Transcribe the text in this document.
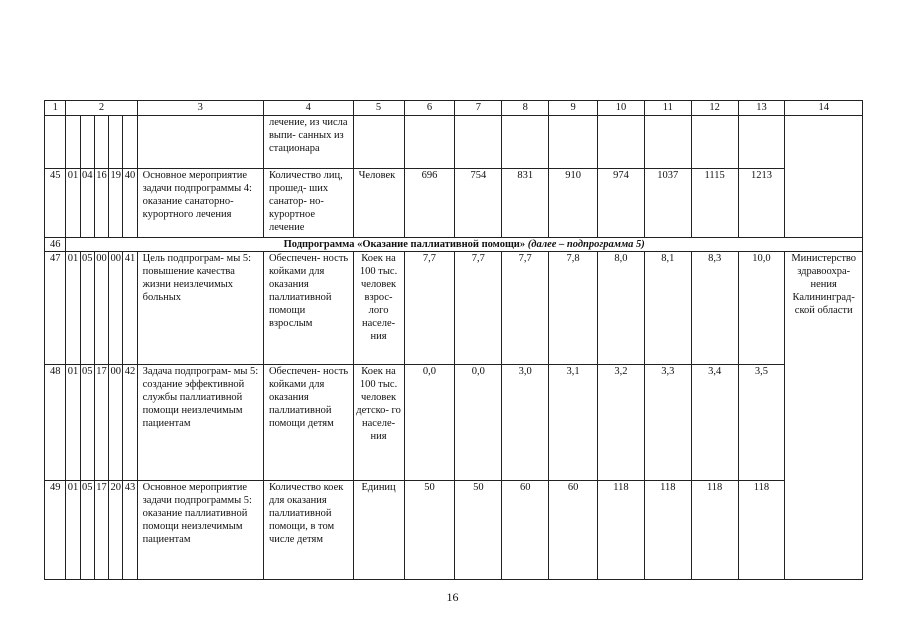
1	2					3	4	5	6	7	8	9	10	11	12	13	14
							лечение, из числа выпи- санных из стационара										
45	01	04	16	19	40	Основное мероприятие задачи подпрограммы 4: оказание санаторно- курортного лечения	Количество лиц, прошед- ших санатор- но-курортное лечение	Человек	696	754	831	910	974	1037	1115	1213	
46	Подпрограмма «Оказание паллиативной помощи» (далее – подпрограмма 5)																
47	01	05	00	00	41	Цель подпрограм- мы 5: повышение качества жизни неизлечимых больных	Обеспечен- ность койками для оказания паллиативной помощи взрослым	Коек на 100 тыс. человек взрос- лого населе- ния	7,7	7,7	7,7	7,8	8,0	8,1	8,3	10,0	Министерство здравоохра- нения Калининград- ской области
48	01	05	17	00	42	Задача подпрограм- мы 5: создание эффективной службы паллиативной помощи неизлечимым пациентам	Обеспечен- ность койками для оказания паллиативной помощи детям	Коек на 100 тыс. человек детско- го населе- ния	0,0	0,0	3,0	3,1	3,2	3,3	3,4	3,5	
49	01	05	17	20	43	Основное мероприятие задачи подпрограммы 5: оказание паллиативной помощи неизлечимым пациентам	Количество коек для оказания паллиативной помощи, в том числе детям	Единиц	50	50	60	60	118	118	118	118	
16
